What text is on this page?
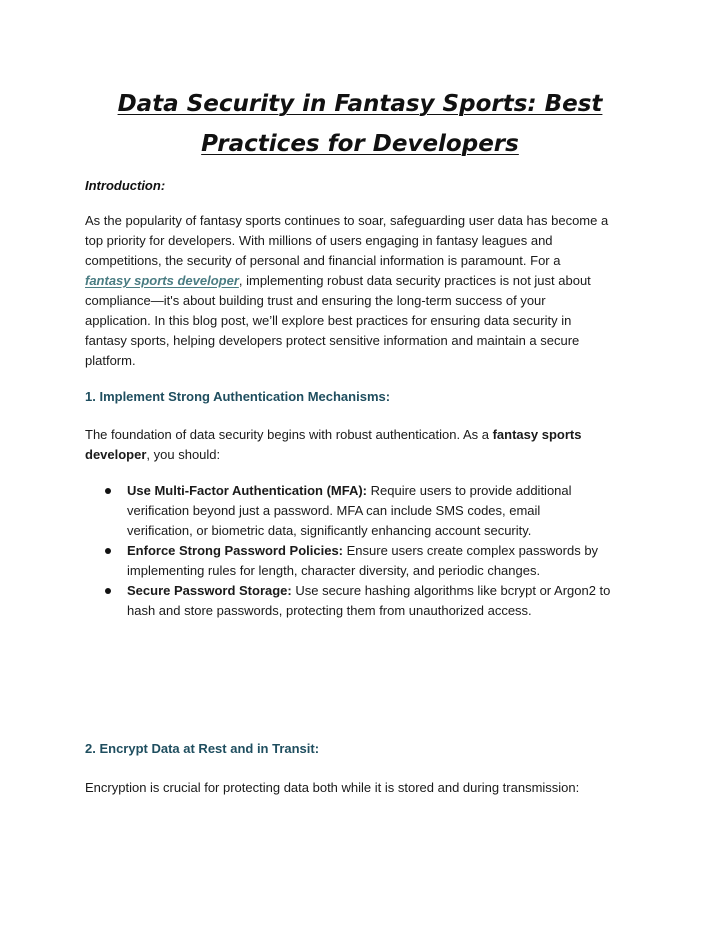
Data Security in Fantasy Sports: Best
Practices for Developers

Introduction:

As the popularity of fantasy sports continues to soar, safeguarding user data has become a
top priority for developers. With millions of users engaging in fantasy leagues and
competitions, the security of personal and financial information is paramount. For a
fantasy sports developer, implementing robust data security practices is not just about
compliance—it's about building trust and ensuring the long-term success of your
application. In this blog post, we’ll explore best practices for ensuring data security in
fantasy sports, helping developers protect sensitive information and maintain a secure
platform.

1. Implement Strong Authentication Mechanisms:

The foundation of data security begins with robust authentication. As a fantasy sports
developer, you should:

Use Multi-Factor Authentication (MFA): Require users to provide additional
verification beyond just a password. MFA can include SMS codes, email
verification, or biometric data, significantly enhancing account security.
Enforce Strong Password Policies: Ensure users create complex passwords by
implementing rules for length, character diversity, and periodic changes.
Secure Password Storage: Use secure hashing algorithms like bcrypt or Argon2 to
hash and store passwords, protecting them from unauthorized access.
2. Encrypt Data at Rest and in Transit:

Encryption is crucial for protecting data both while it is stored and during transmission:
